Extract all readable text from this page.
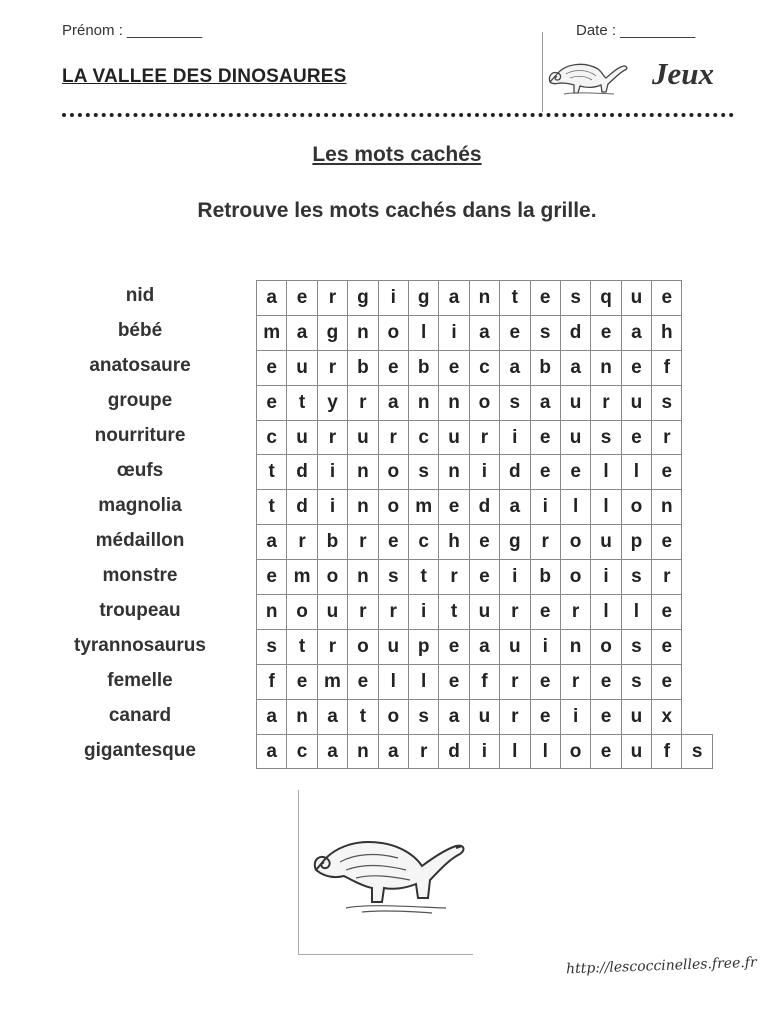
Prénom : _________	Date : _________
LA VALLEE DES DINOSAURES	Jeux
Les mots cachés
Retrouve les mots cachés dans la grille.
nid
bébé
anatosaure
groupe
nourriture
œufs
magnolia
médaillon
monstre
troupeau
tyrannosaurus
femelle
canard
gigantesque
a	e	r	g	i	g	a	n	t	e	s	q	u	e	
m	a	g	n	o	l	i	a	e	s	d	e	a	h	
e	u	r	b	e	b	e	c	a	b	a	n	e	f	
e	t	y	r	a	n	n	o	s	a	u	r	u	s	
c	u	r	u	r	c	u	r	i	e	u	s	e	r	
t	d	i	n	o	s	n	i	d	e	e	l	l	e	
t	d	i	n	o	m	e	d	a	i	l	l	o	n	
a	r	b	r	e	c	h	e	g	r	o	u	p	e	
e	m	o	n	s	t	r	e	i	b	o	i	s	r	
n	o	u	r	r	i	t	u	r	e	r	l	l	e	
s	t	r	o	u	p	e	a	u	i	n	o	s	e	
f	e	m	e	l	l	e	f	r	e	r	e	s	e	
a	n	a	t	o	s	a	u	r	e	i	e	u	x	
a	c	a	n	a	r	d	i	l	l	o	e	u	f	s
http://lescoccinelles.free.fr
